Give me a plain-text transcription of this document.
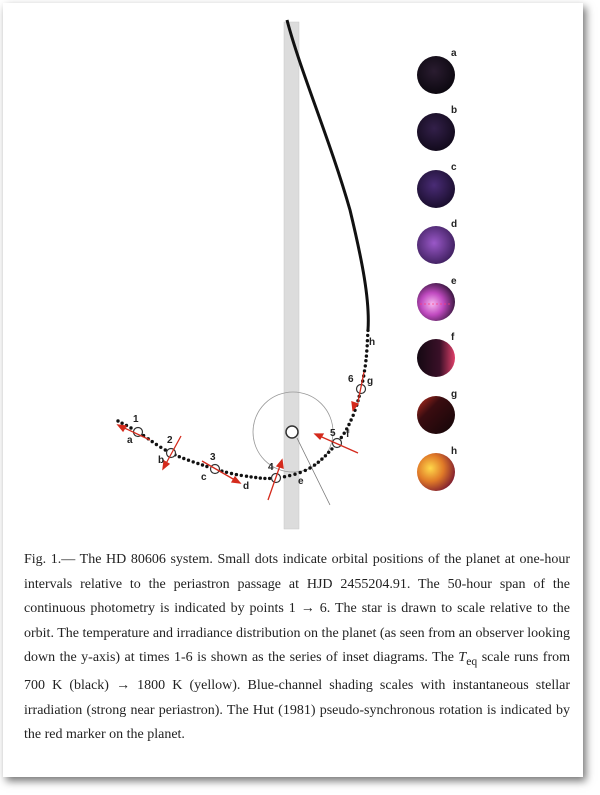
1
2
3
4
5
6
a
b
c
d	e
f
g
h
a
b
c
d
e
f
g
h
Fig. 1.— The HD 80606 system. Small dots indicate orbital positions of the planet at one-hour intervals relative to the periastron passage at HJD 2455204.91. The 50-hour span of the continuous photometry is indicated by points 1 → 6. The star is drawn to scale relative to the orbit. The temperature and irradiance distribution on the planet (as seen from an observer looking down the y-axis) at times 1-6 is shown as the series of inset diagrams. The $T_{eq}$ scale runs from 700 K (black) → 1800 K (yellow). Blue-channel shading scales with instantaneous stellar irradiation (strong near periastron). The Hut (1981) pseudo-synchronous rotation is indicated by the red marker on the planet.
